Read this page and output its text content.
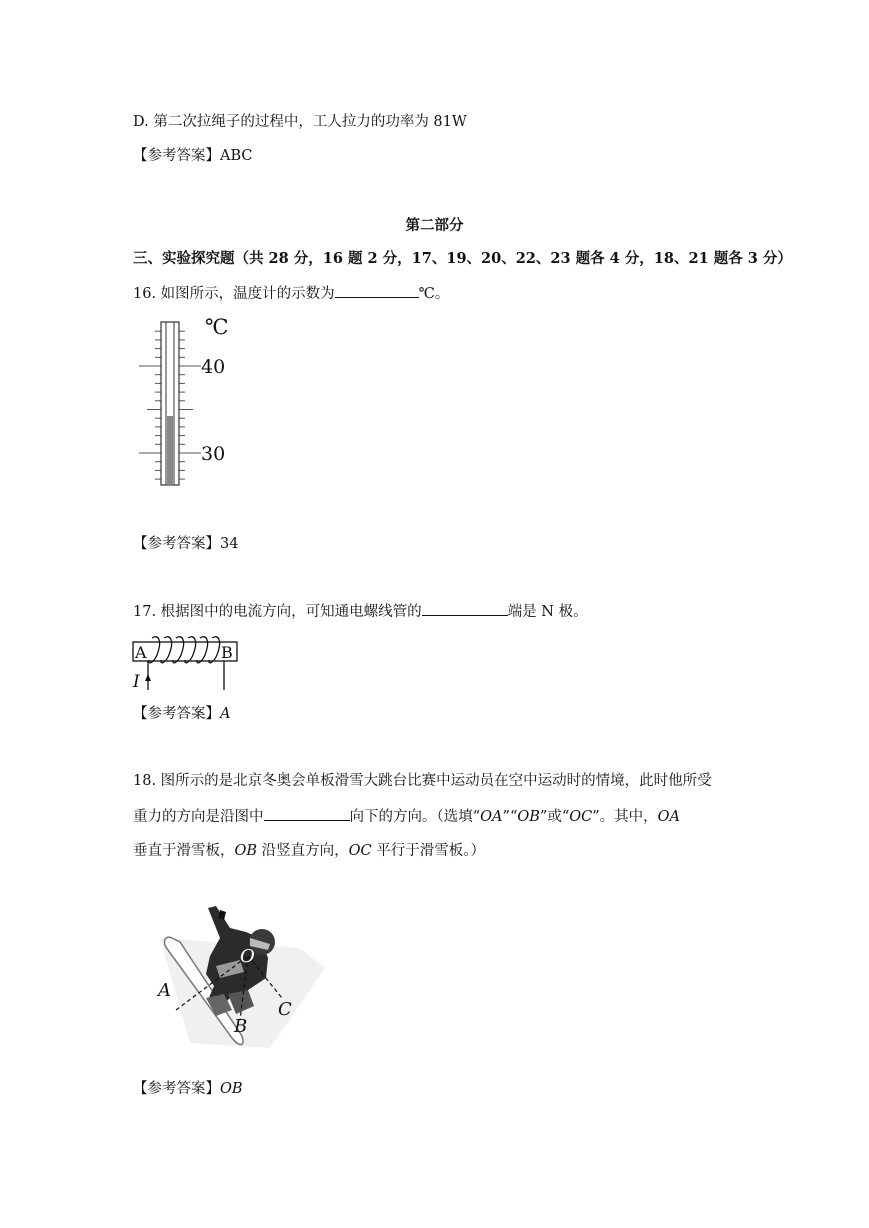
D. 第二次拉绳子的过程中，工人拉力的功率为 81W
【参考答案】ABC
第二部分
三、实验探究题（共 28 分，16 题 2 分，17、19、20、22、23 题各 4 分，18、21 题各 3 分）
16. 如图所示，温度计的示数为	℃。
℃
40
30
【参考答案】34
17. 根据图中的电流方向，可知通电螺线管的	端是 N 极。
A	B
I
【参考答案】A
18. 图所示的是北京冬奥会单板滑雪大跳台比赛中运动员在空中运动时的情境，此时他所受
重力的方向是沿图中	向下的方向。（选填“OA”“OB”或“OC”。其中，OA
垂直于滑雪板，OB 沿竖直方向，OC 平行于滑雪板。）
O
A
B
C
【参考答案】OB
